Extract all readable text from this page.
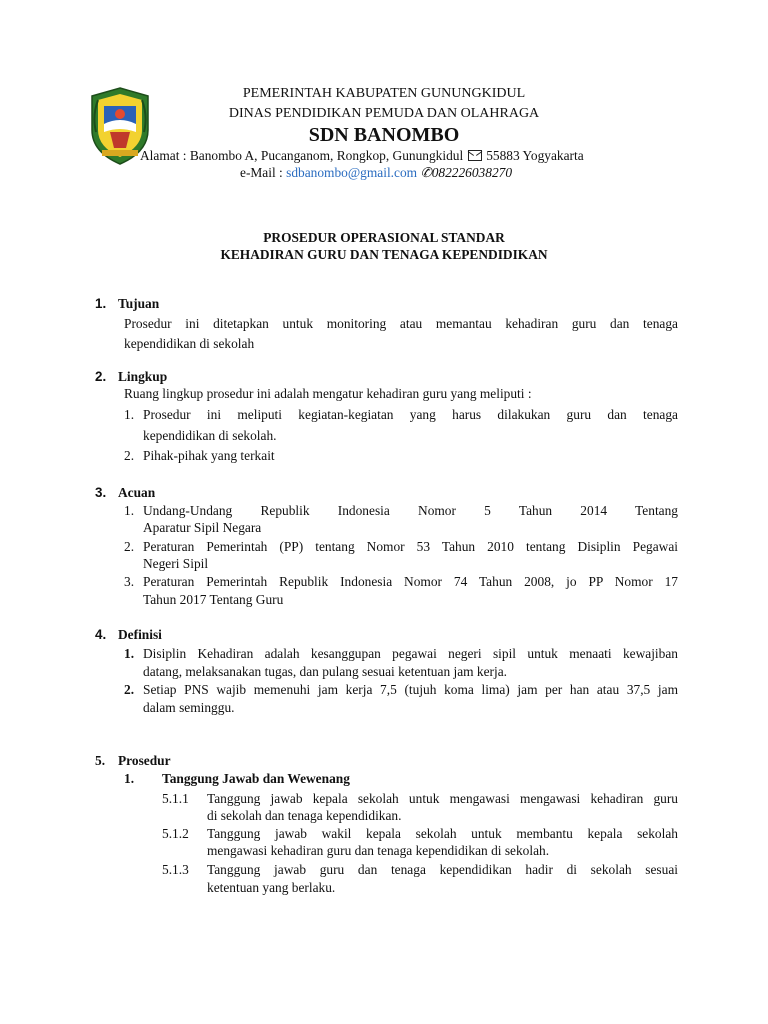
PEMERINTAH KABUPATEN GUNUNGKIDUL
DINAS PENDIDIKAN PEMUDA DAN OLAHRAGA
SDN BANOMBO
Alamat : Banombo A, Pucanganom, Rongkop, Gunungkidul 55883 Yogyakarta
e-Mail : sdbanombo@gmail.com ✆082226038270
PROSEDUR OPERASIONAL STANDAR
KEHADIRAN GURU DAN TENAGA KEPENDIDIKAN
1. Tujuan
Prosedur ini ditetapkan untuk monitoring atau memantau kehadiran guru dan tenaga
kependidikan di sekolah
2. Lingkup
Ruang lingkup prosedur ini adalah mengatur kehadiran guru yang meliputi :
1. Prosedur ini meliputi kegiatan-kegiatan yang harus dilakukan guru dan tenaga
kependidikan di sekolah.
2. Pihak-pihak yang terkait
3. Acuan
1. Undang-Undang Republik Indonesia Nomor 5 Tahun 2014 Tentang
Aparatur Sipil Negara
2. Peraturan Pemerintah (PP) tentang Nomor 53 Tahun 2010 tentang Disiplin Pegawai
Negeri Sipil
3. Peraturan Pemerintah Republik Indonesia Nomor 74 Tahun 2008, jo PP Nomor 17
Tahun 2017 Tentang Guru
4. Definisi
1. Disiplin Kehadiran adalah kesanggupan pegawai negeri sipil untuk menaati kewajiban
datang, melaksanakan tugas, dan pulang sesuai ketentuan jam kerja.
2. Setiap PNS wajib memenuhi jam kerja 7,5 (tujuh koma lima) jam per han atau 37,5 jam
dalam seminggu.
5. Prosedur
1. Tanggung Jawab dan Wewenang
5.1.1 Tanggung jawab kepala sekolah untuk mengawasi mengawasi kehadiran guru
di sekolah dan tenaga kependidikan.
5.1.2 Tanggung jawab wakil kepala sekolah untuk membantu kepala sekolah
mengawasi kehadiran guru dan tenaga kependidikan di sekolah.
5.1.3 Tanggung jawab guru dan tenaga kependidikan hadir di sekolah sesuai
ketentuan yang berlaku.
